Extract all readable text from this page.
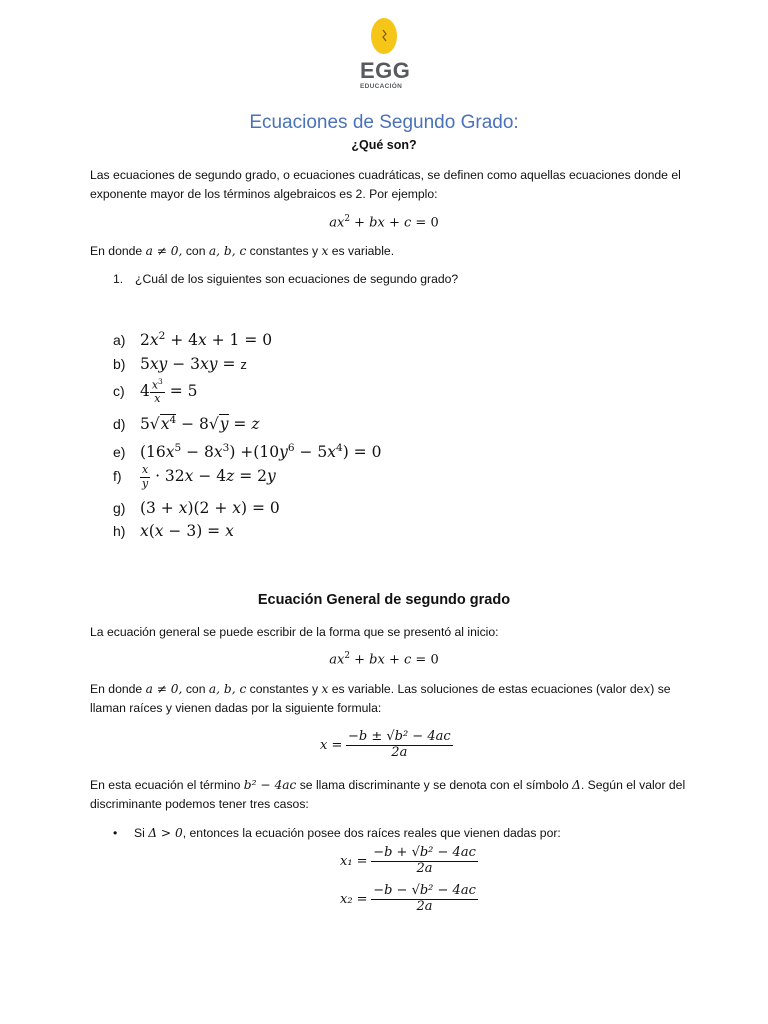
EGG
EDUCACIÓN
Ecuaciones de Segundo Grado:
¿Qué son?
Las ecuaciones de segundo grado, o ecuaciones cuadráticas, se definen como aquellas ecuaciones donde el exponente mayor de los términos algebraicos es 2. Por ejemplo:
$ax^2$ + bx + c = 0
En donde a ≠ 0, con a, b, c constantes y x es variable.
1. ¿Cuál de los siguientes son ecuaciones de segundo grado?
a) $2x^2 + 4x + 1 = 0$
b) 5xy − 3xy = z
c) $4 \frac{x^3}{x} = 5$
d) $5√x^4 - 8√y = z$
e) $(16x^5 - 8x^3) +(10y^6 - 5x^4) = 0$
$f) \frac{x}{y} \cdot 32x - 4z = 2y$
g) (3 + x)(2 + x) = 0
h) x(x − 3) = x
Ecuación General de segundo grado
La ecuación general se puede escribir de la forma que se presentó al inicio:
$ax^2$ + bx + c = 0
En donde a ≠ 0, con a, b, c constantes y x es variable. Las soluciones de estas ecuaciones (valor dex) se llaman raíces y vienen dadas por la siguiente formula:
$x = \frac{\text{−b ± √b² − 4ac}}{2a}$
En esta ecuación el término b² − 4ac se llama discriminante y se denota con el símbolo Δ. Según el valor del discriminante podemos tener tres casos:
• Si Δ > 0, entonces la ecuación posee dos raíces reales que vienen dadas por:
$x_1 = \frac{\text{−b + √b² − 4ac}}{2a}$
$x_2 = \frac{\text{−b − √b² − 4ac}}{2a}$
